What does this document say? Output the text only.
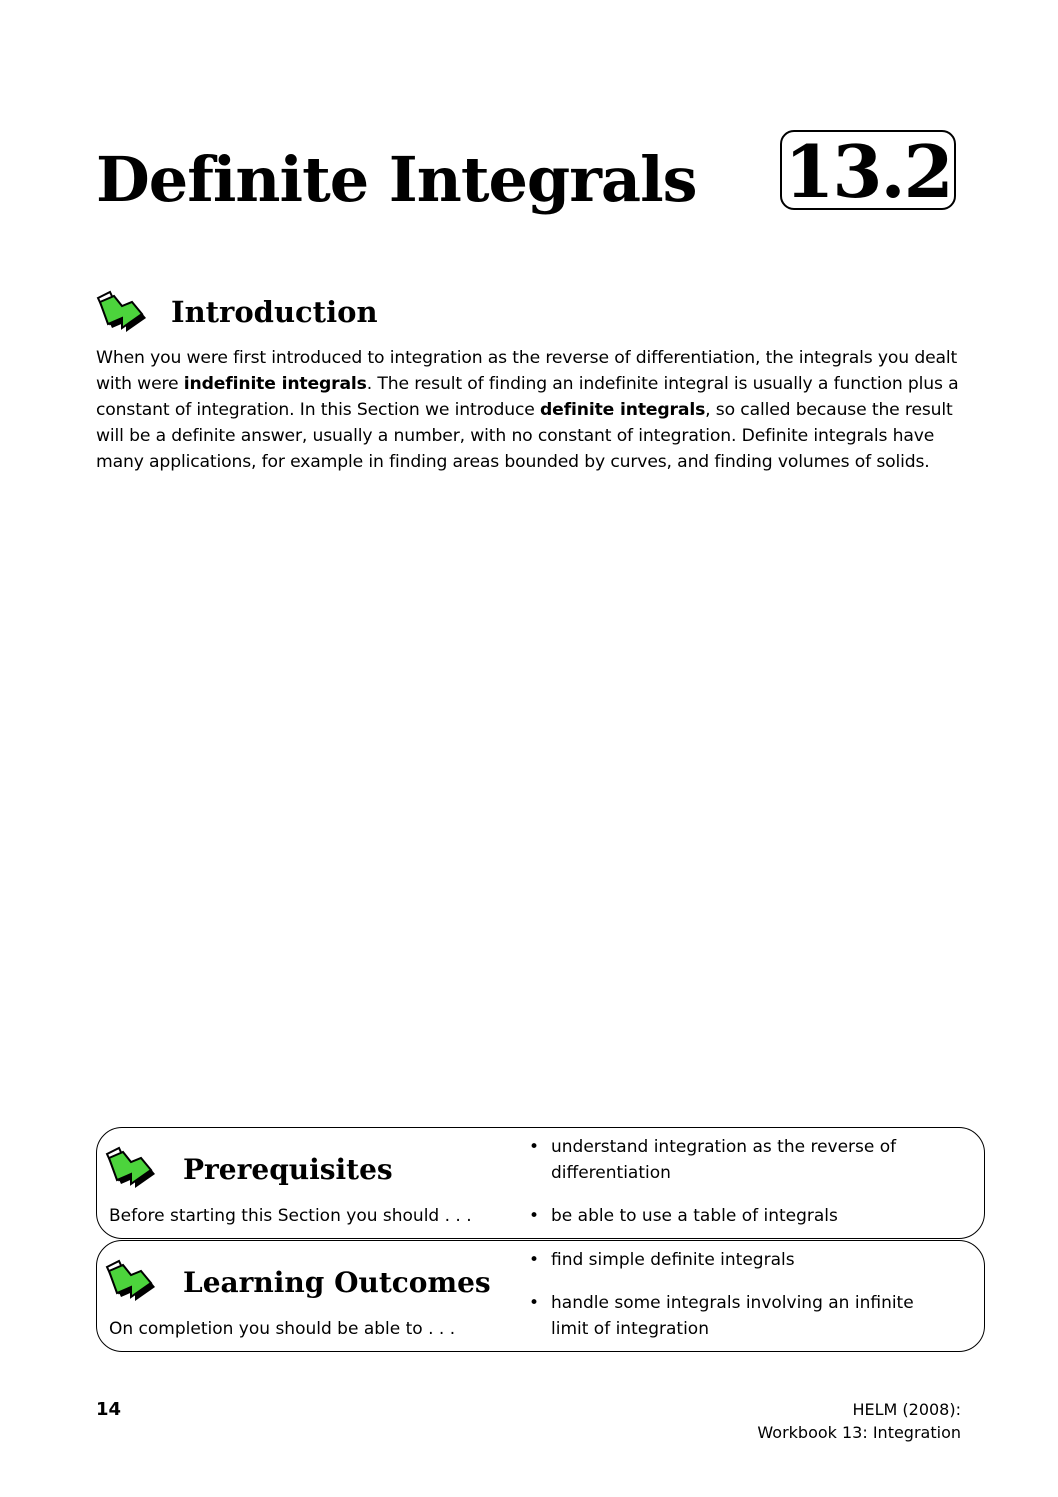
Definite Integrals 13.2
Introduction

When you were first introduced to integration as the reverse of differentiation, the integrals you dealt with were indefinite integrals. The result of finding an indefinite integral is usually a function plus a constant of integration. In this Section we introduce definite integrals, so called because the result will be a definite answer, usually a number, with no constant of integration. Definite integrals have many applications, for example in finding areas bounded by curves, and finding volumes of solids.

Prerequisites
Before starting this Section you should . . .
• understand integration as the reverse of differentiation
• be able to use a table of integrals
Learning Outcomes
On completion you should be able to . . .
• find simple definite integrals
• handle some integrals involving an infinite limit of integration
14	HELM (2008):
Workbook 13: Integration
